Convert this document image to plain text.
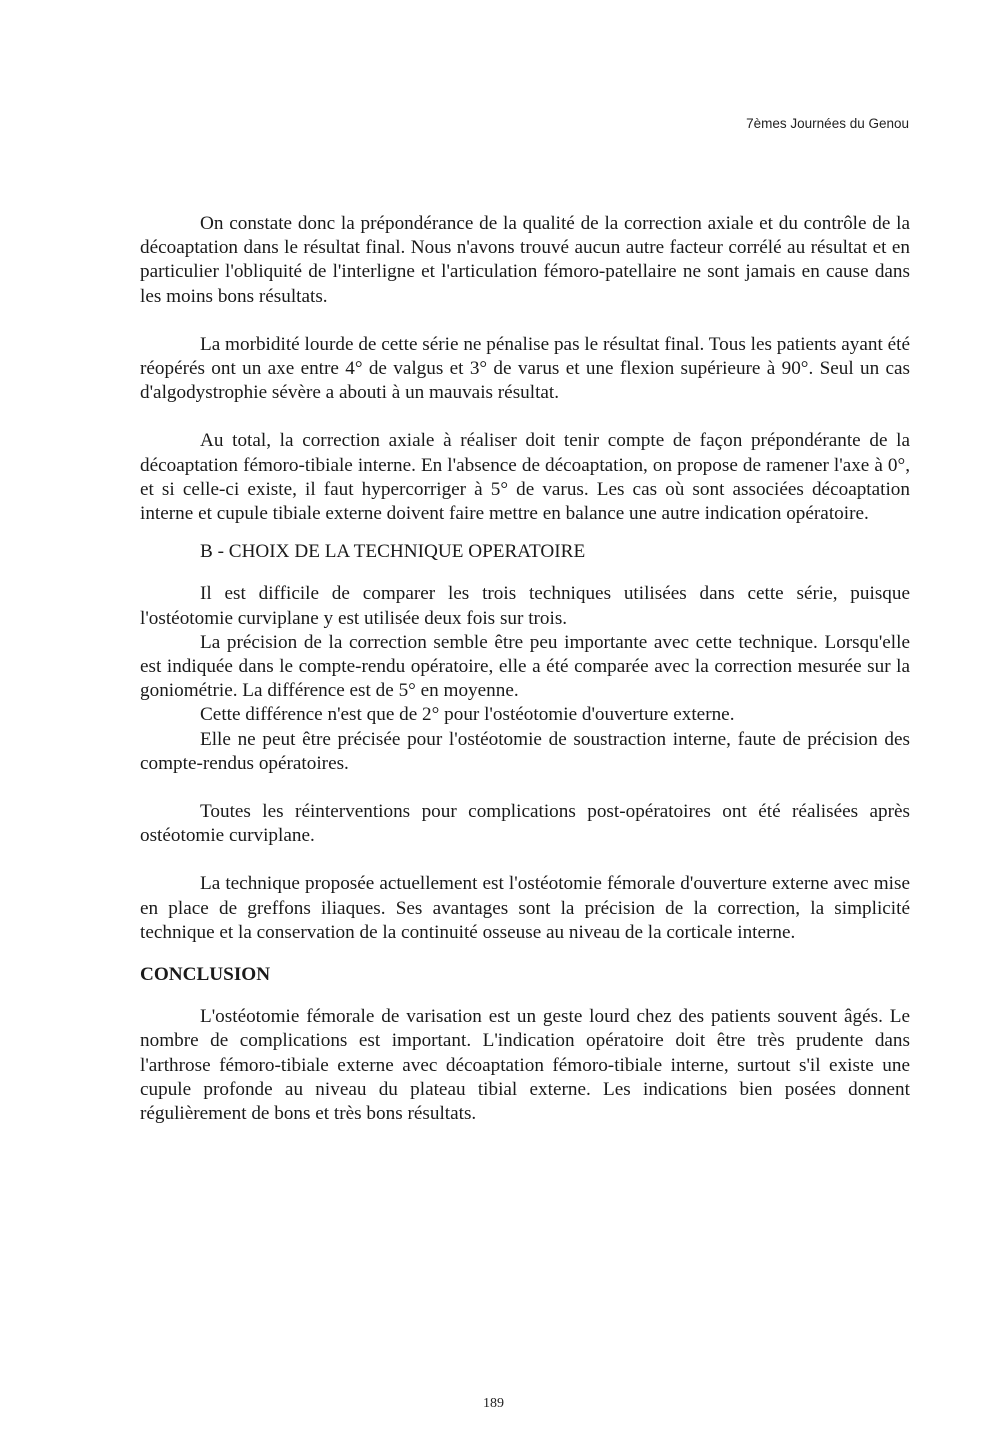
7èmes Journées du Genou

On constate donc la prépondérance de la qualité de la correction axiale et du contrôle de la décoaptation dans le résultat final. Nous n'avons trouvé aucun autre facteur corrélé au résultat et en particulier l'obliquité de l'interligne et l'articulation fémoro-patellaire ne sont jamais en cause dans les moins bons résultats.

La morbidité lourde de cette série ne pénalise pas le résultat final. Tous les patients ayant été réopérés ont un axe entre 4° de valgus et 3° de varus et une flexion supérieure à 90°. Seul un cas d'algodystrophie sévère a abouti à un mauvais résultat.

Au total, la correction axiale à réaliser doit tenir compte de façon prépondérante de la décoaptation fémoro-tibiale interne. En l'absence de décoaptation, on propose de ramener l'axe à 0°, et si celle-ci existe, il faut hypercorriger à 5° de varus. Les cas où sont associées décoaptation interne et cupule tibiale externe doivent faire mettre en balance une autre indication opératoire.

B - CHOIX DE LA TECHNIQUE OPERATOIRE

Il est difficile de comparer les trois techniques utilisées dans cette série, puisque l'ostéotomie curviplane y est utilisée deux fois sur trois.

La précision de la correction semble être peu importante avec cette technique. Lorsqu'elle est indiquée dans le compte-rendu opératoire, elle a été comparée avec la correction mesurée sur la goniométrie. La différence est de 5° en moyenne.

Cette différence n'est que de 2° pour l'ostéotomie d'ouverture externe.

Elle ne peut être précisée pour l'ostéotomie de soustraction interne, faute de précision des compte-rendus opératoires.

Toutes les réinterventions pour complications post-opératoires ont été réalisées après ostéotomie curviplane.

La technique proposée actuellement est l'ostéotomie fémorale d'ouverture externe avec mise en place de greffons iliaques. Ses avantages sont la précision de la correction, la simplicité technique et la conservation de la continuité osseuse au niveau de la corticale interne.

CONCLUSION

L'ostéotomie fémorale de varisation est un geste lourd chez des patients souvent âgés. Le nombre de complications est important. L'indication opératoire doit être très prudente dans l'arthrose fémoro-tibiale externe avec décoaptation fémoro-tibiale interne, surtout s'il existe une cupule profonde au niveau du plateau tibial externe. Les indications bien posées donnent régulièrement de bons et très bons résultats.

189
